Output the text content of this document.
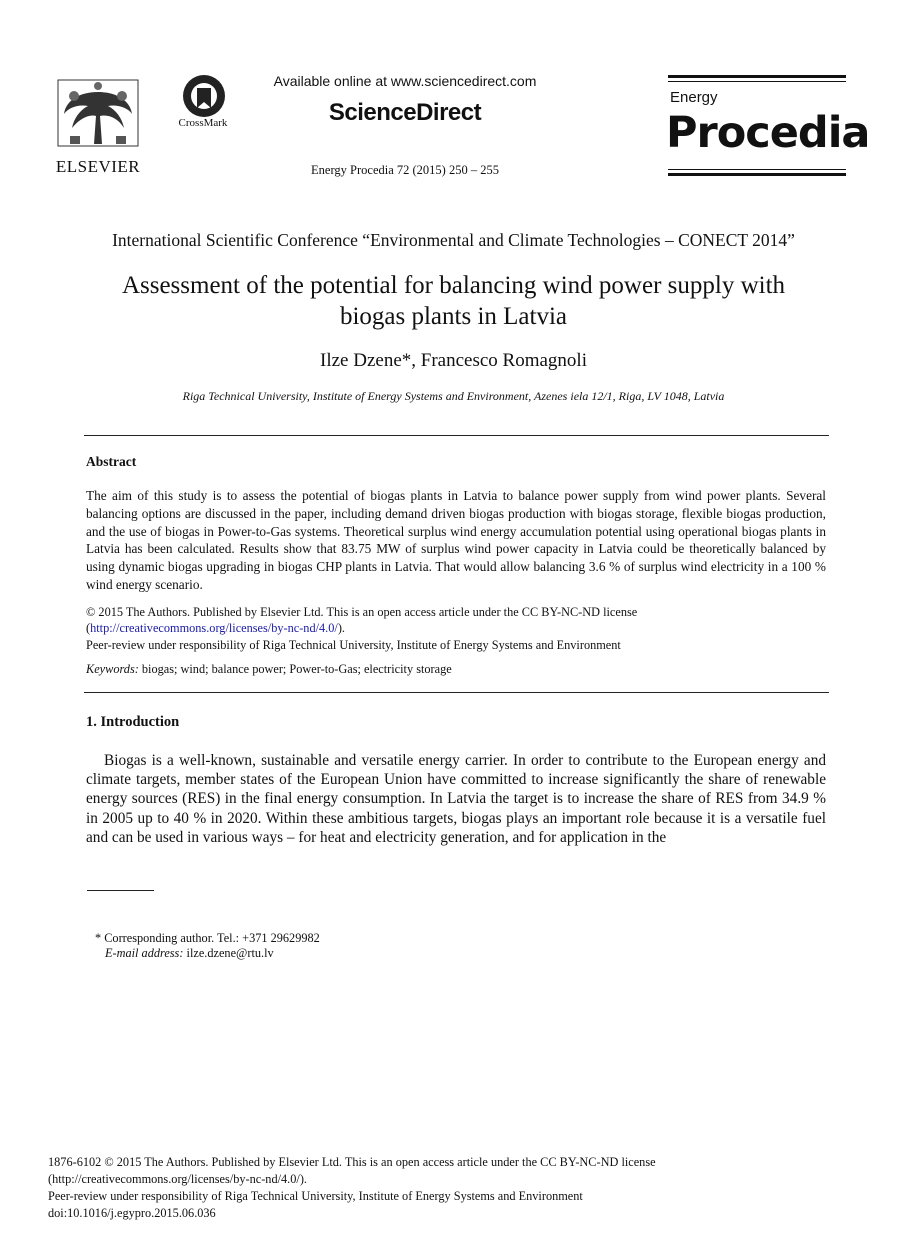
ELSEVIER
CrossMark
Available online at www.sciencedirect.com
ScienceDirect
Energy Procedia 72 (2015) 250 – 255
Energy
Procedia
International Scientific Conference “Environmental and Climate Technologies – CONECT 2014”
Assessment of the potential for balancing wind power supply with
biogas plants in Latvia
Ilze Dzene*, Francesco Romagnoli
Riga Technical University, Institute of Energy Systems and Environment, Azenes iela 12/1, Riga, LV 1048, Latvia
Abstract
The aim of this study is to assess the potential of biogas plants in Latvia to balance power supply from wind power plants. Several balancing options are discussed in the paper, including demand driven biogas production with biogas storage, flexible biogas production, and the use of biogas in Power-to-Gas systems. Theoretical surplus wind energy accumulation potential using operational biogas plants in Latvia has been calculated. Results show that 83.75 MW of surplus wind power capacity in Latvia could be theoretically balanced by using dynamic biogas upgrading in biogas CHP plants in Latvia. That would allow balancing 3.6 % of surplus wind electricity in a 100 % wind energy scenario.
© 2015 The Authors. Published by Elsevier Ltd. This is an open access article under the CC BY-NC-ND license
(http://creativecommons.org/licenses/by-nc-nd/4.0/).
Peer-review under responsibility of Riga Technical University, Institute of Energy Systems and Environment
Keywords: biogas; wind; balance power; Power-to-Gas; electricity storage
1. Introduction
Biogas is a well-known, sustainable and versatile energy carrier. In order to contribute to the European energy and climate targets, member states of the European Union have committed to increase significantly the share of renewable energy sources (RES) in the final energy consumption. In Latvia the target is to increase the share of RES from 34.9 % in 2005 up to 40 % in 2020. Within these ambitious targets, biogas plays an important role because it is a versatile fuel and can be used in various ways – for heat and electricity generation, and for application in the
* Corresponding author. Tel.: +371 29629982
E-mail address: ilze.dzene@rtu.lv
1876-6102 © 2015 The Authors. Published by Elsevier Ltd. This is an open access article under the CC BY-NC-ND license
(http://creativecommons.org/licenses/by-nc-nd/4.0/).
Peer-review under responsibility of Riga Technical University, Institute of Energy Systems and Environment
doi:10.1016/j.egypro.2015.06.036
